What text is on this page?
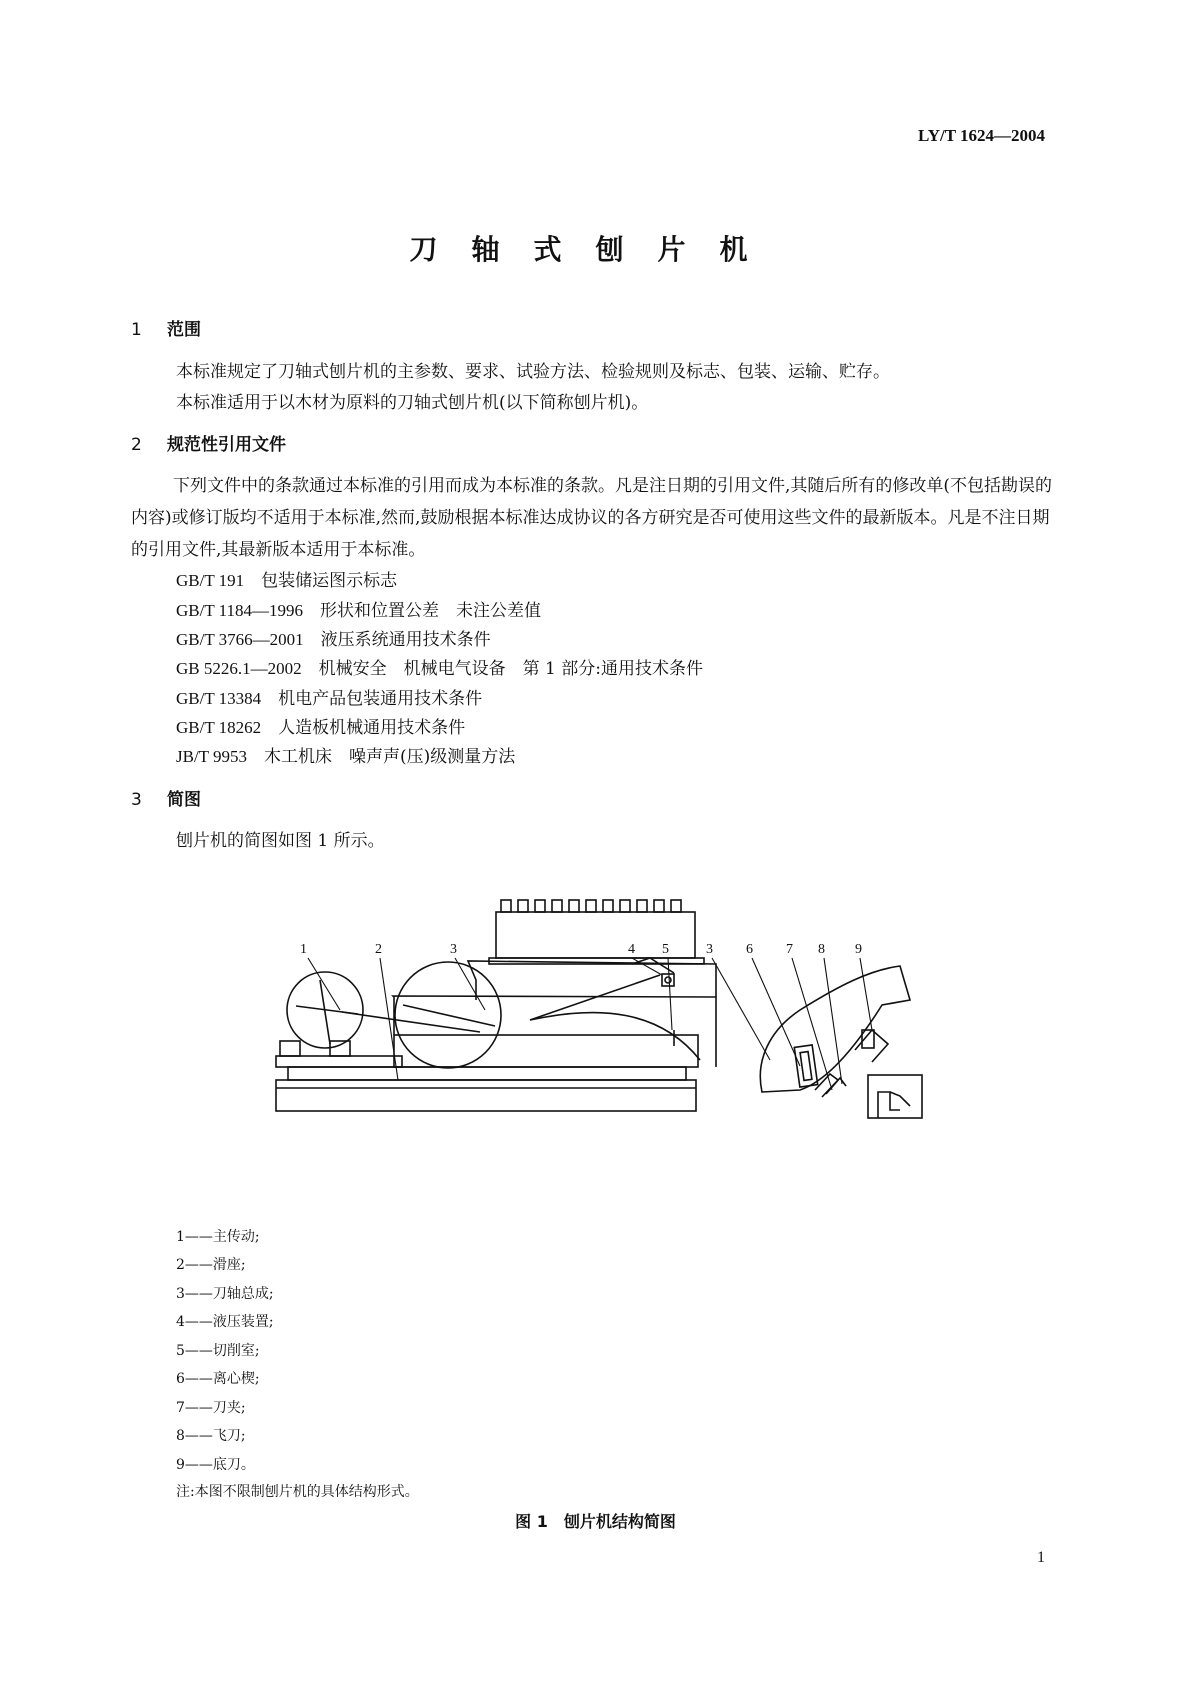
LY/T 1624—2004
刀轴式刨片机
1 范围
本标准规定了刀轴式刨片机的主参数、要求、试验方法、检验规则及标志、包装、运输、贮存。
本标准适用于以木材为原料的刀轴式刨片机(以下简称刨片机)。
2 规范性引用文件
下列文件中的条款通过本标准的引用而成为本标准的条款。凡是注日期的引用文件,其随后所有的修改单(不包括勘误的内容)或修订版均不适用于本标准,然而,鼓励根据本标准达成协议的各方研究是否可使用这些文件的最新版本。凡是不注日期的引用文件,其最新版本适用于本标准。
GB/T 191　 包装储运图示标志
GB/T 1184—1996　 形状和位置公差　未注公差值
GB/T 3766—2001　 液压系统通用技术条件
GB 5226.1—2002　 机械安全　机械电气设备　第 1 部分:通用技术条件
GB/T 13384　 机电产品包装通用技术条件
GB/T 18262　 人造板机械通用技术条件
JB/T 9953　 木工机床　噪声声(压)级测量方法
3 简图
刨片机的简图如图 1 所示。
1	2	3	4 5	3 6 7 8 9
1——主传动;
2——滑座;
3——刀轴总成;
4——液压装置;
5——切削室;
6——离心楔;
7——刀夹;
8——飞刀;
9——底刀。
注:本图不限制刨片机的具体结构形式。
图 1　刨片机结构简图
1
